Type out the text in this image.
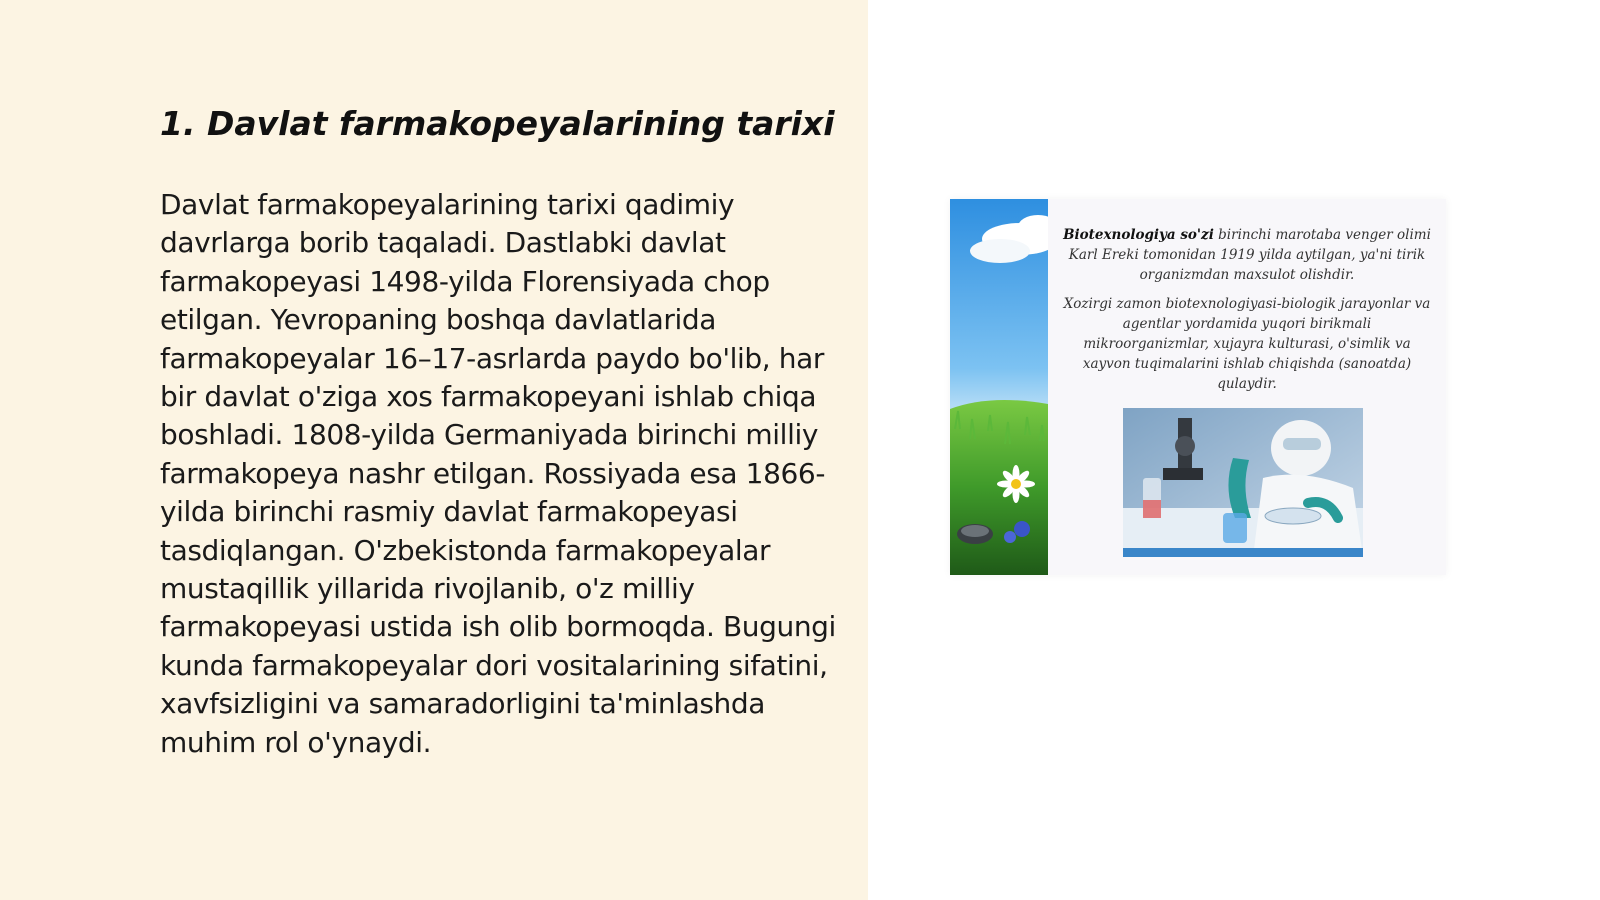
1. Davlat farmakopeyalarining tarixi

Davlat farmakopeyalarining tarixi qadimiy davrlarga borib taqaladi. Dastlabki davlat farmakopeyasi 1498-yilda Florensiyada chop etilgan. Yevropaning boshqa davlatlarida farmakopeyalar 16–17-asrlarda paydo bo'lib, har bir davlat o'ziga xos farmakopeyani ishlab chiqa boshladi. 1808-yilda Germaniyada birinchi milliy farmakopeya nashr etilgan. Rossiyada esa 1866-yilda birinchi rasmiy davlat farmakopeyasi tasdiqlangan. O'zbekistonda farmakopeyalar mustaqillik yillarida rivojlanib, o'z milliy farmakopeyasi ustida ish olib bormoqda. Bugungi kunda farmakopeyalar dori vositalarining sifatini, xavfsizligini va samaradorligini ta'minlashda muhim rol o'ynaydi.

Biotexnologiya so'zi birinchi marotaba venger olimi Karl Ereki tomonidan 1919 yilda aytilgan, ya'ni tirik organizmdan maxsulot olishdir.

Xozirgi zamon biotexnologiyasi-biologik jarayonlar va agentlar yordamida yuqori birikmali mikroorganizmlar, xujayra kulturasi, o'simlik va xayvon tuqimalarini ishlab chiqishda (sanoatda) qulaydir.
